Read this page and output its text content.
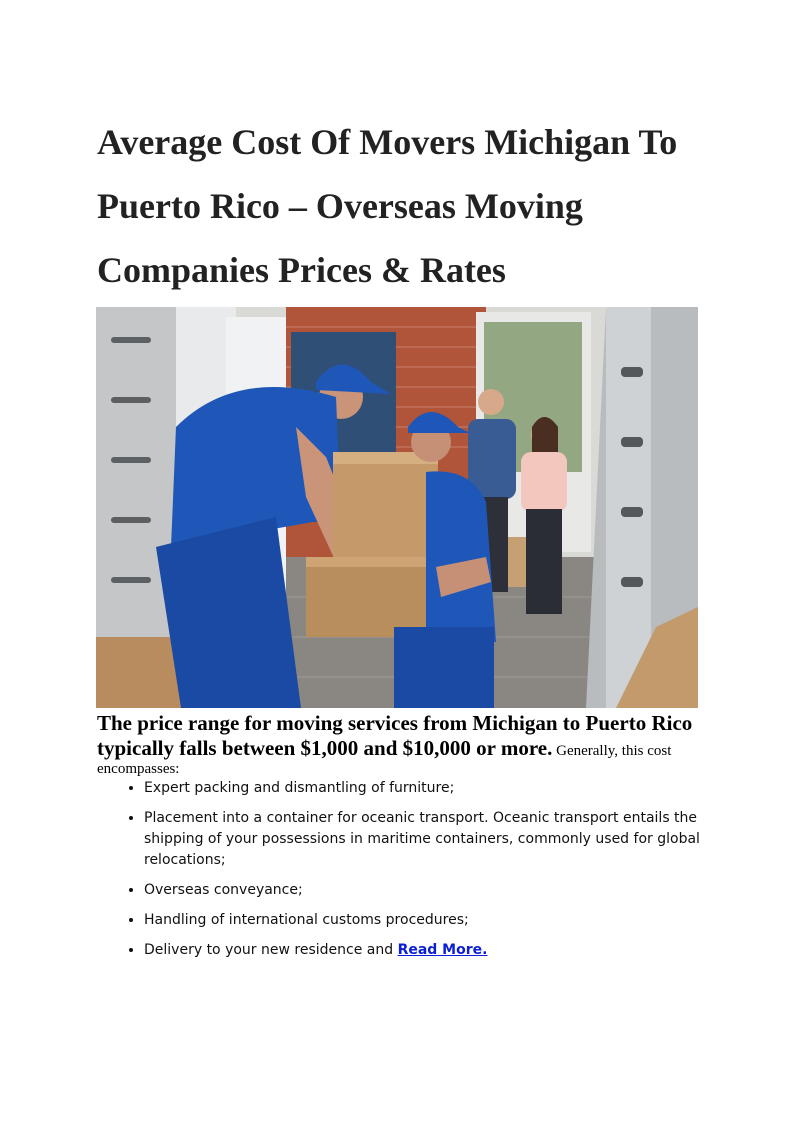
Average Cost Of Movers Michigan To Puerto Rico – Overseas Moving Companies Prices & Rates

The price range for moving services from Michigan to Puerto Rico typically falls between $1,000 and $10,000 or more. Generally, this cost encompasses:

• Expert packing and dismantling of furniture;
• Placement into a container for oceanic transport. Oceanic transport entails the shipping of your possessions in maritime containers, commonly used for global relocations;
• Overseas conveyance;
• Handling of international customs procedures;
• Delivery to your new residence and Read More.
